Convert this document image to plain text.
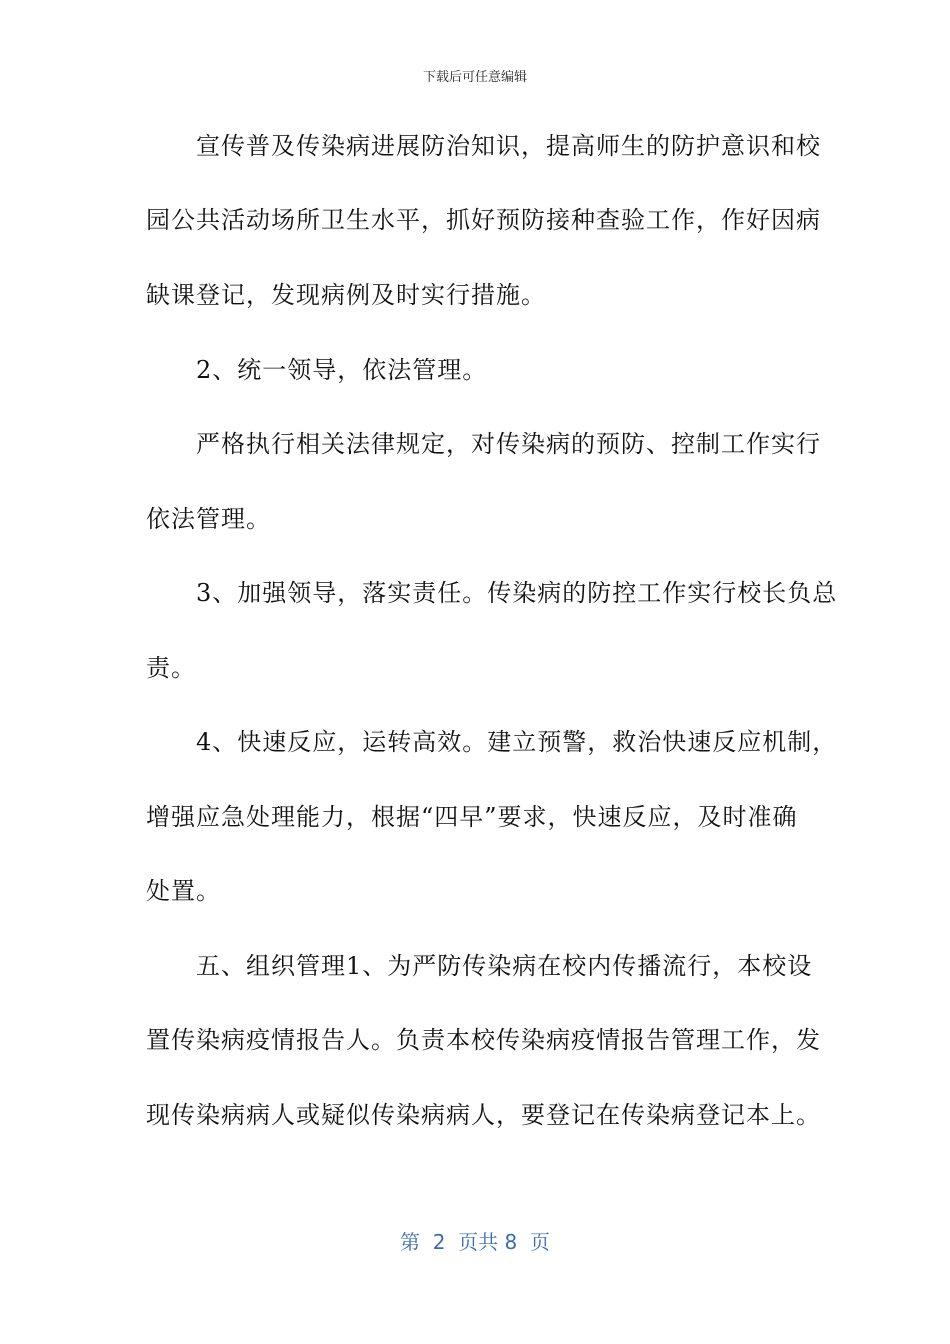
下载后可任意编辑
　　宣传普及传染病进展防治知识，提高师生的防护意识和校
园公共活动场所卫生水平，抓好预防接种查验工作，作好因病
缺课登记，发现病例及时实行措施。
　　2、统一领导，依法管理。
　　严格执行相关法律规定，对传染病的预防、控制工作实行
依法管理。
　　3、加强领导，落实责任。传染病的防控工作实行校长负总
责。
　　4、快速反应，运转高效。建立预警，救治快速反应机制，
增强应急处理能力，根据“四早”要求，快速反应，及时准确
处置。
　　五、组织管理1、为严防传染病在校内传播流行，本校设
置传染病疫情报告人。负责本校传染病疫情报告管理工作，发
现传染病病人或疑似传染病病人，要登记在传染病登记本上。
第  2  页共 8  页
